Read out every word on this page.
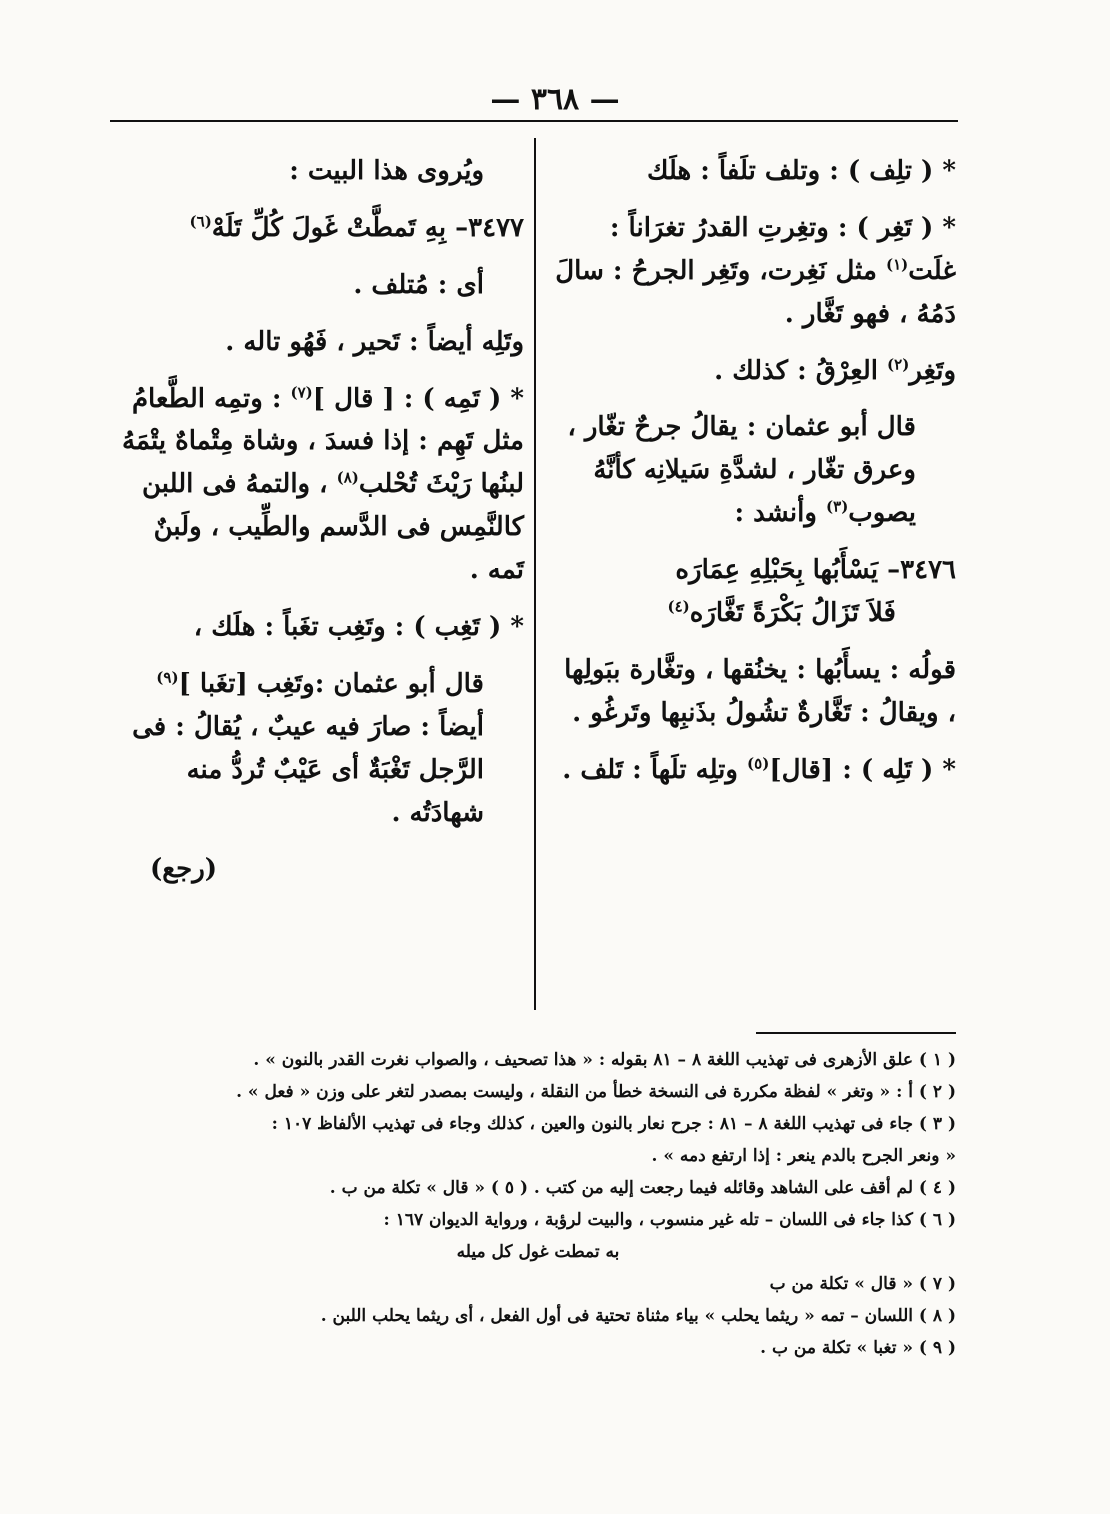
— ٣٦٨ —

* ( تلِف ) : وتلف تلَفاً : هلَك

* ( تَغِر ) : وتغِرتِ القدرُ تغرَاناً : غلَت$^{(١)}$ مثل نَغِرت، وتَغِر الجرحُ : سالَ دَمُهُ ، فهو تَغَّار .

وتَغِر$^{(٢)}$ العِرْقُ : كذلك .

قال أبو عثمان : يقالُ جرحٌ تغّار ، وعرق تغّار ، لشدَّةِ سَيلانِه كأنَّهُ يصوب$^{(٣)}$ وأنشد :

٣٤٧٦– يَسْأَبُها بِحَبْلِهِ عِمَارَه
فَلاَ تَزَالُ بَكْرَةً تَغَّارَه$^{(٤)}$

قولُه : يسأَبُها : يخنُقها ، وتغَّارة ببَولِها ، ويقالُ : تَغَّارةٌ تشُولُ بذَنبِها وتَرغُو .

* ( تَلِه ) : [قال]$^{(٥)}$ وتلِه تلَهاً : تَلف .

ويُروى هذا البيت :

٣٤٧٧– بِهِ تَمطَّتْ غَولَ كُلِّ تَلَهْ$^{(٦)}$

أى : مُتلف .

وتَلِه أيضاً : تَحير ، فَهُو تاله .

* ( تَمِه ) : [ قال ]$^{(٧)}$ : وتمِه الطَّعامُ مثل تَهِم : إذا فسدَ ، وشاة مِتْماهٌ يتْمَهُ لبنُها رَيْثَ تُحْلب$^{(٨)}$ ، والتمهُ فى اللبن كالنَّمِس فى الدَّسم والطِّيب ، ولَبنٌ تَمه .

* ( تَغِب ) : وتَغِب تغَباً : هلَك ،

قال أبو عثمان :وتَغِب [تغَبا ]$^{(٩)}$ أيضاً : صارَ فيه عيبٌ ، يُقالُ : فى الرَّجل تَغْبَةٌ أى عَيْبٌ تُردُّ منه شهادَتُه .

(رجع)

( ١ ) علق الأزهرى فى تهذيب اللغة ٨ – ٨١ بقوله : « هذا تصحيف ، والصواب نغرت القدر بالنون » .
( ٢ ) أ : « وتغر » لفظة مكررة فى النسخة خطأ من النقلة ، وليست بمصدر لتغر على وزن « فعل » .
( ٣ ) جاء فى تهذيب اللغة ٨ – ٨١ : جرح نعار بالنون والعين ، كذلك وجاء فى تهذيب الألفاظ ١٠٧ :
« ونعر الجرح بالدم ينعر : إذا ارتفع دمه » .
( ٤ ) لم أقف على الشاهد وقائله فيما رجعت إليه من كتب . ( ٥ ) « قال » تكلة من ب .
( ٦ ) كذا جاء فى اللسان – تله غير منسوب ، والبيت لرؤبة ، ورواية الديوان ١٦٧ :
به تمطت غول كل ميله
( ٧ ) « قال » تكلة من ب
( ٨ ) اللسان – تمه « ريثما يحلب » بياء مثناة تحتية فى أول الفعل ، أى ريثما يحلب اللبن .
( ٩ ) « تغبا » تكلة من ب .
